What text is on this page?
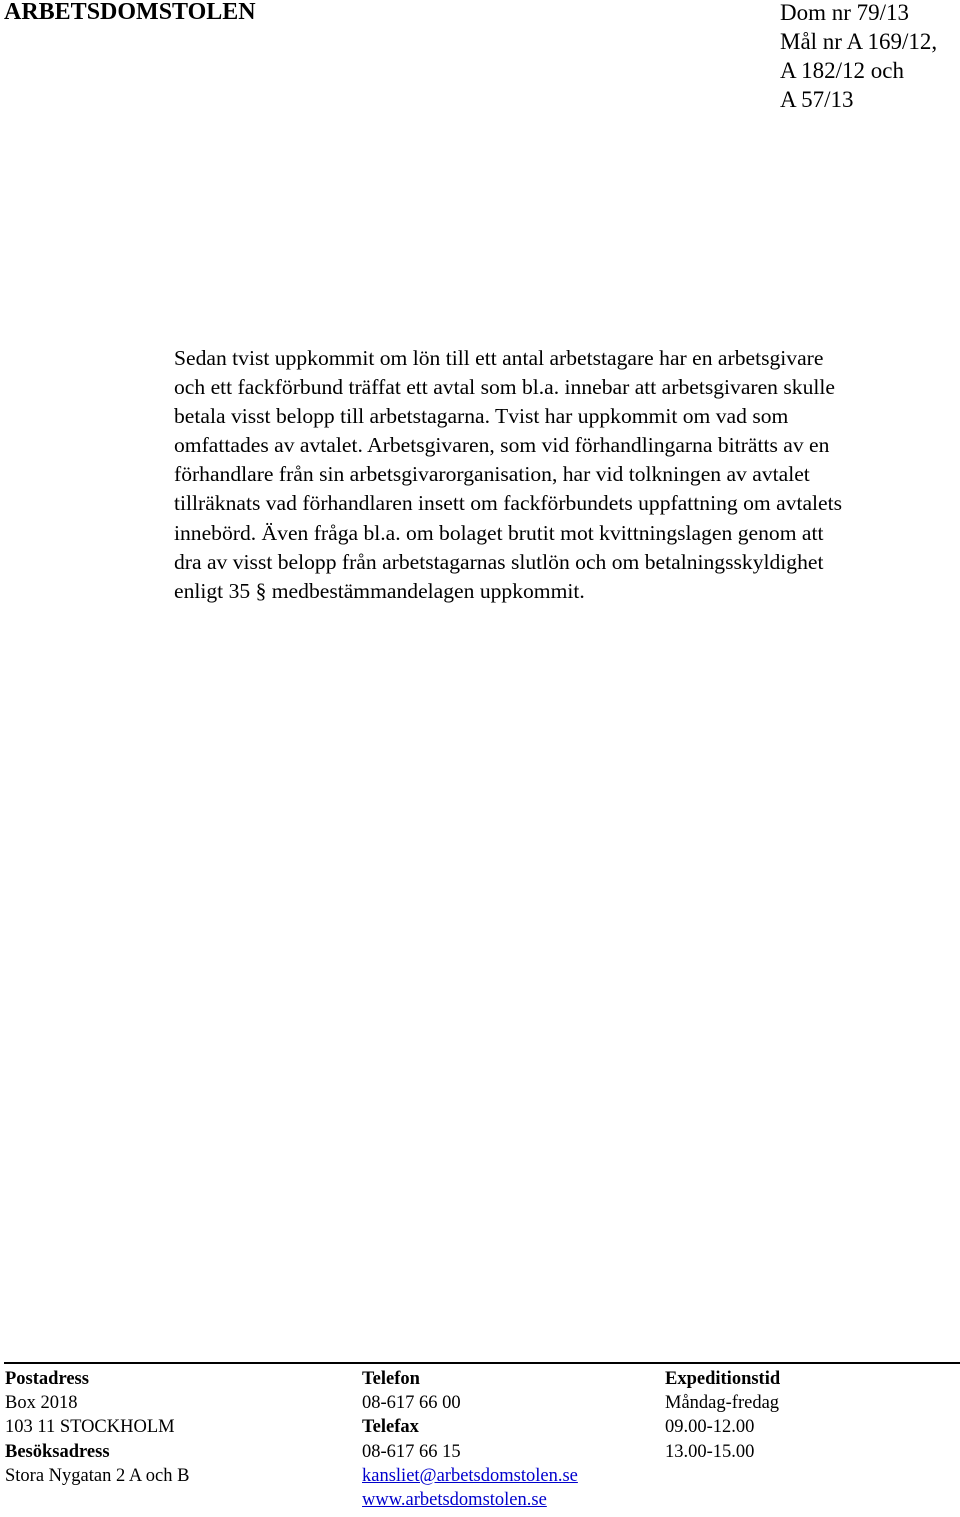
ARBETSDOMSTOLEN	Dom nr 79/13
Mål nr A 169/12,
A 182/12 och
A 57/13
Sedan tvist uppkommit om lön till ett antal arbetstagare har en arbetsgivare
och ett fackförbund träffat ett avtal som bl.a. innebar att arbetsgivaren skulle
betala visst belopp till arbetstagarna. Tvist har uppkommit om vad som
omfattades av avtalet. Arbetsgivaren, som vid förhandlingarna biträtts av en
förhandlare från sin arbetsgivarorganisation, har vid tolkningen av avtalet
tillräknats vad förhandlaren insett om fackförbundets uppfattning om avtalets
innebörd. Även fråga bl.a. om bolaget brutit mot kvittningslagen genom att
dra av visst belopp från arbetstagarnas slutlön och om betalningsskyldighet
enligt 35 § medbestämmandelagen uppkommit.
Postadress
Box 2018
103 11 STOCKHOLM
Besöksadress
Stora Nygatan 2 A och B
Telefon
08-617 66 00
Telefax
08-617 66 15
kansliet@arbetsdomstolen.se
www.arbetsdomstolen.se
Expeditionstid
Måndag-fredag
09.00-12.00
13.00-15.00
